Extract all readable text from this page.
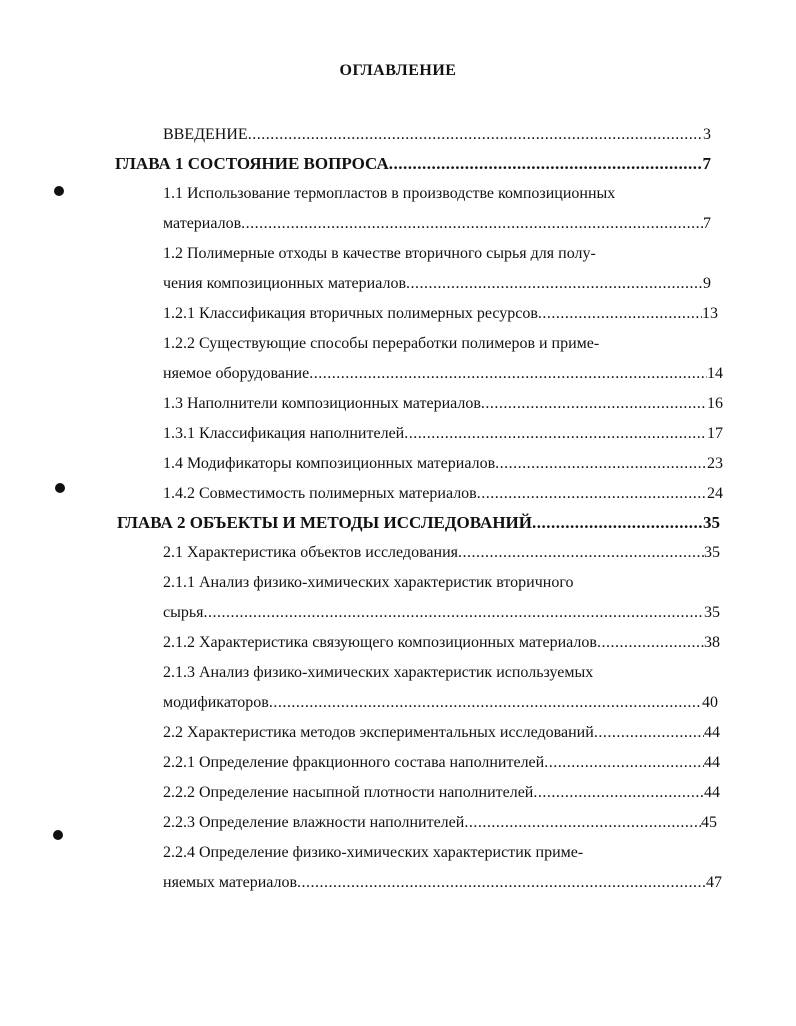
ОГЛАВЛЕНИЕ
ВВЕДЕНИЕ .....	3
ГЛАВА 1 СОСТОЯНИЕ ВОПРОСА .....	7
1.1 Использование термопластов в производстве композиционных
материалов .....	7
1.2 Полимерные отходы в качестве вторичного сырья для полу-
чения композиционных материалов .....	9
1.2.1 Классификация вторичных полимерных ресурсов .....	13
1.2.2 Существующие способы переработки полимеров и приме-
няемое оборудование .....	14
1.3 Наполнители композиционных материалов .....	16
1.3.1 Классификация наполнителей .....	17
1.4 Модификаторы композиционных материалов .....	23
1.4.2 Совместимость полимерных материалов .....	24
ГЛАВА 2 ОБЪЕКТЫ И МЕТОДЫ ИССЛЕДОВАНИЙ .....	35
2.1 Характеристика объектов исследования .....	35
2.1.1 Анализ физико-химических характеристик вторичного
сырья .....	35
2.1.2 Характеристика связующего композиционных материалов .....	38
2.1.3 Анализ физико-химических характеристик используемых
модификаторов .....	40
2.2 Характеристика методов экспериментальных исследований .....	44
2.2.1 Определение фракционного состава наполнителей .....	44
2.2.2 Определение насыпной плотности наполнителей .....	44
2.2.3 Определение влажности наполнителей .....	45
2.2.4 Определение физико-химических характеристик приме-
няемых материалов .....	47
